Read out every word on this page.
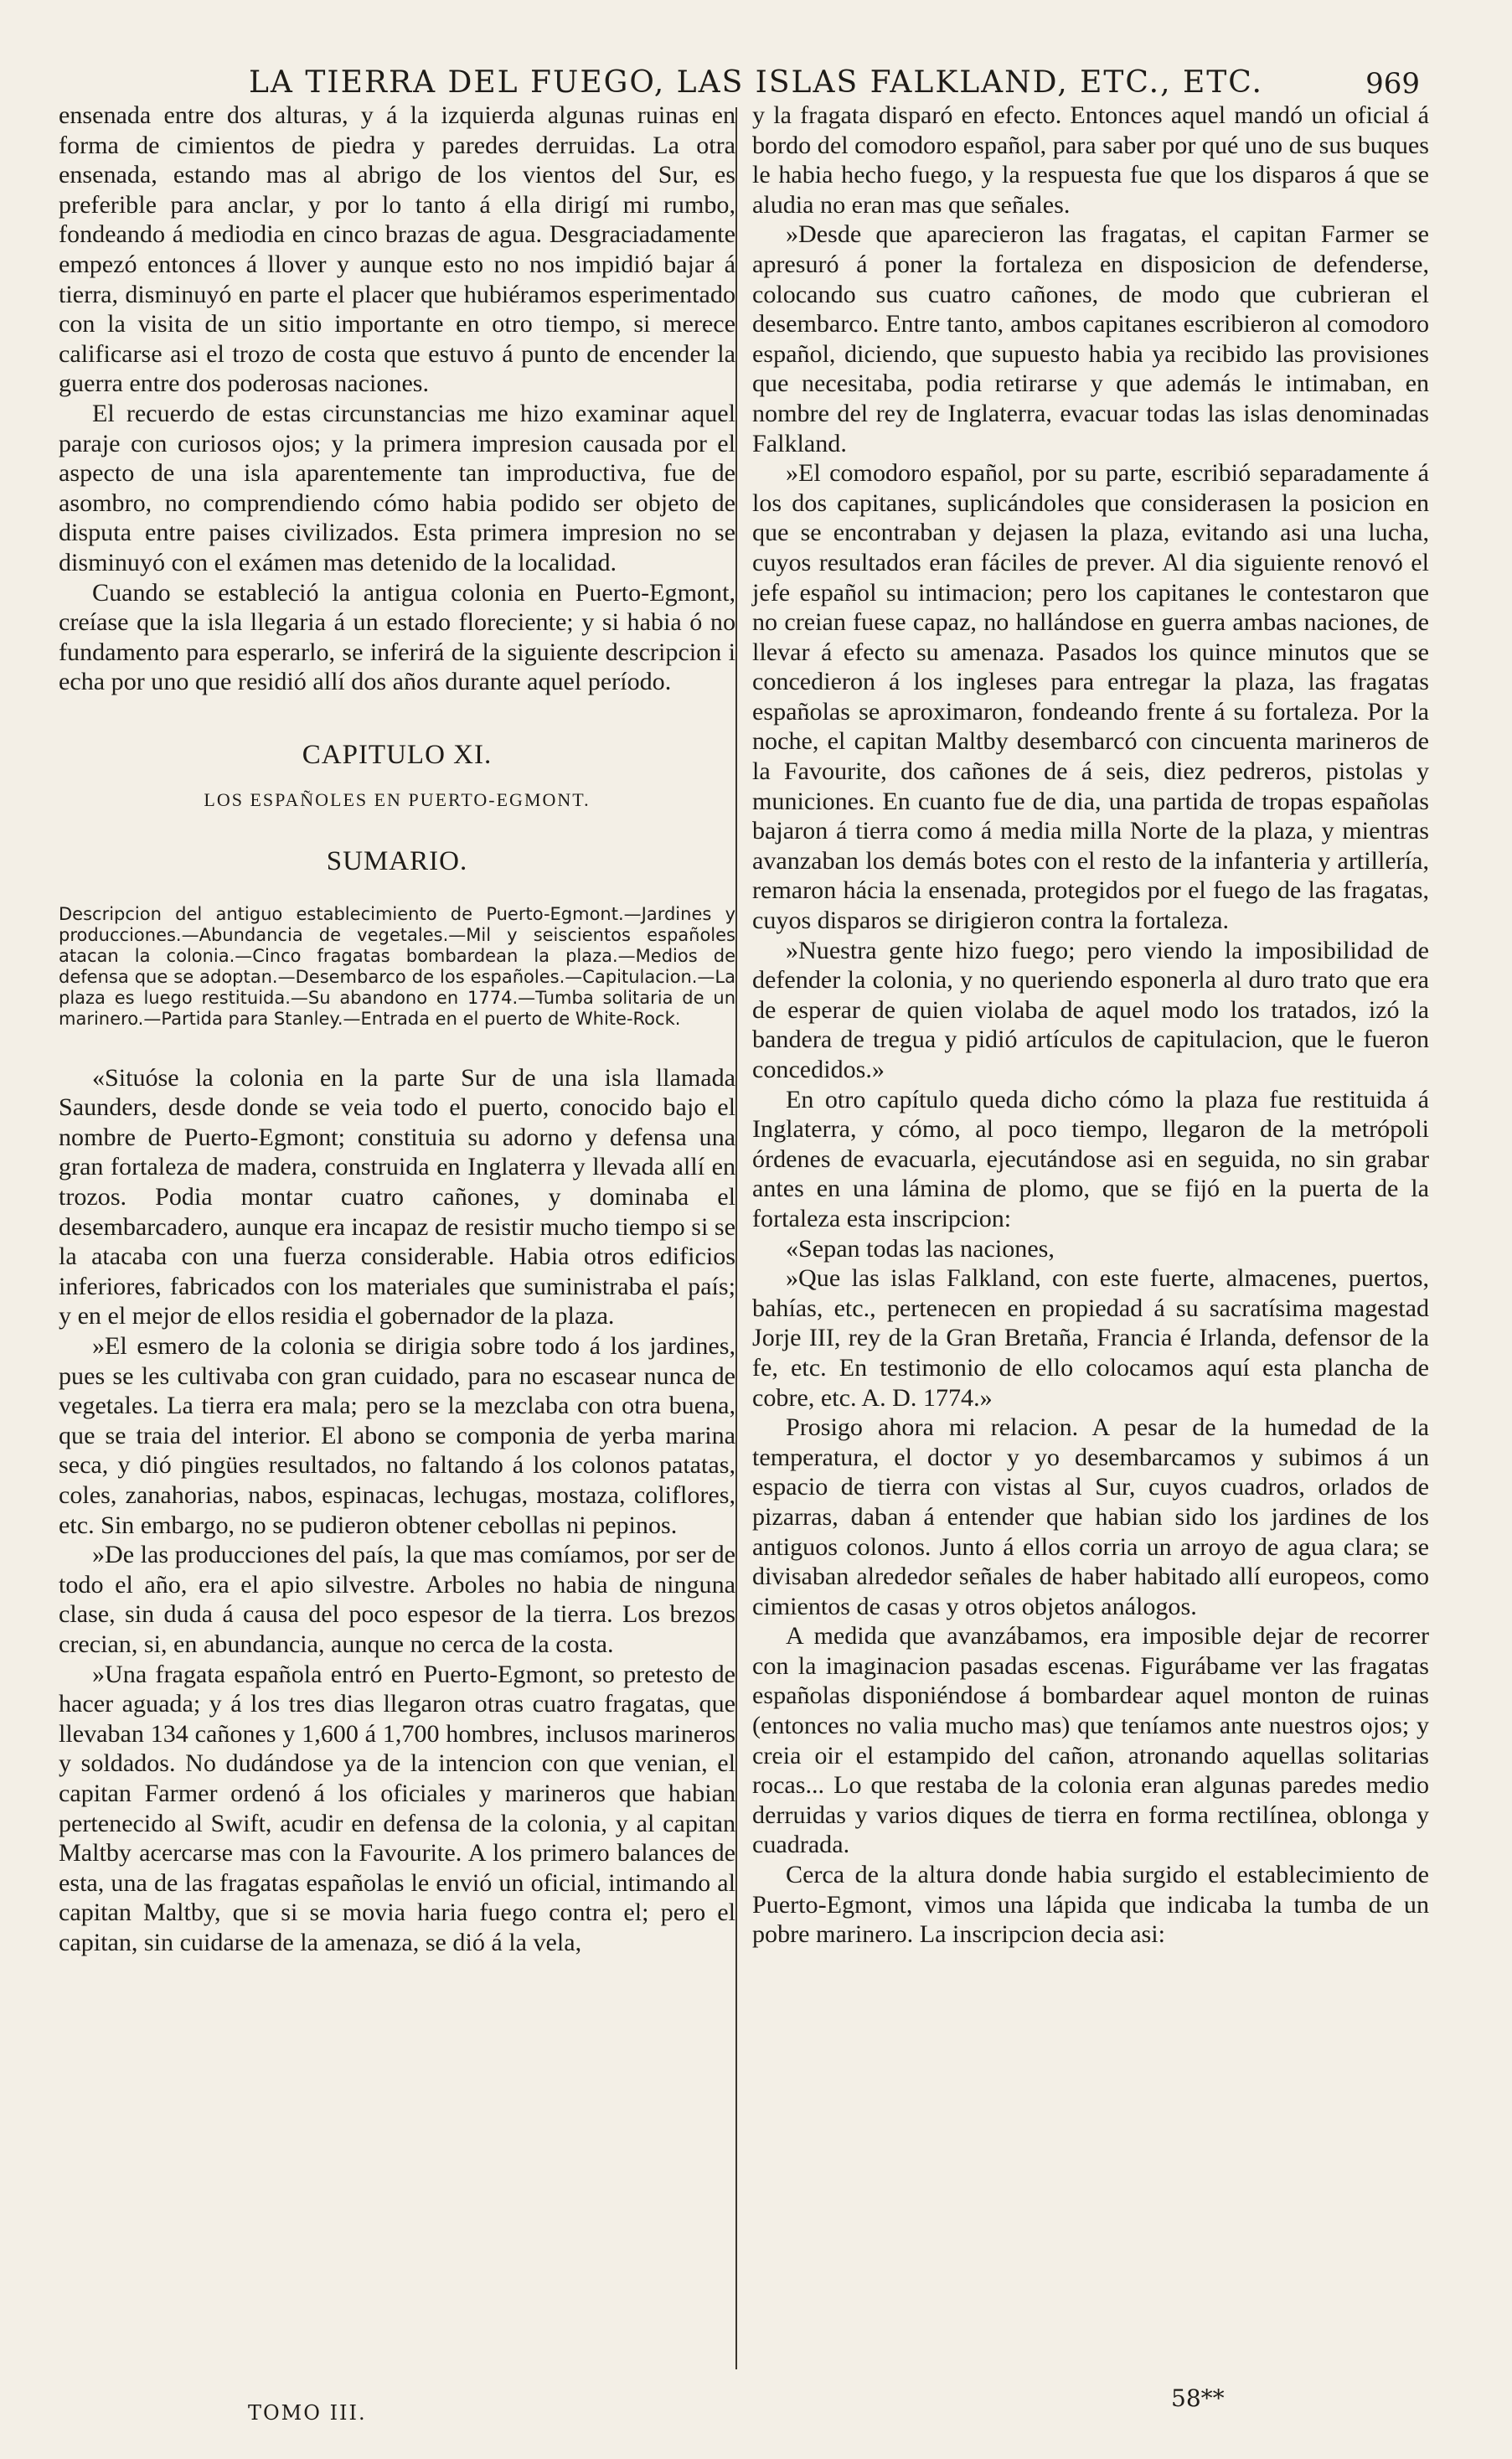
LA TIERRA DEL FUEGO, LAS ISLAS FALKLAND, ETC., ETC.	969

ensenada entre dos alturas, y á la izquierda algunas ruinas en forma de cimientos de piedra y paredes derruidas. La otra ensenada, estando mas al abrigo de los vientos del Sur, es preferible para anclar, y por lo tanto á ella dirigí mi rumbo, fondeando á mediodia en cinco brazas de agua. Desgraciadamente empezó entonces á llover y aunque esto no nos impidió bajar á tierra, disminuyó en parte el placer que hubiéramos esperimentado con la visita de un sitio importante en otro tiempo, si merece calificarse asi el trozo de costa que estuvo á punto de encender la guerra entre dos poderosas naciones.

El recuerdo de estas circunstancias me hizo examinar aquel paraje con curiosos ojos; y la primera impresion causada por el aspecto de una isla aparentemente tan improductiva, fue de asombro, no comprendiendo cómo habia podido ser objeto de disputa entre paises civilizados. Esta primera impresion no se disminuyó con el exámen mas detenido de la localidad.

Cuando se estableció la antigua colonia en Puerto-Egmont, creíase que la isla llegaria á un estado floreciente; y si habia ó no fundamento para esperarlo, se inferirá de la siguiente descripcion i echa por uno que residió allí dos años durante aquel período.

CAPITULO XI.
LOS ESPAÑOLES EN PUERTO-EGMONT.
SUMARIO.
Descripcion del antiguo establecimiento de Puerto-Egmont.—Jardines y producciones.—Abundancia de vegetales.—Mil y seiscientos españoles atacan la colonia.—Cinco fragatas bombardean la plaza.—Medios de defensa que se adoptan.—Desembarco de los españoles.—Capitulacion.—La plaza es luego restituida.—Su abandono en 1774.—Tumba solitaria de un marinero.—Partida para Stanley.—Entrada en el puerto de White-Rock.

«Situóse la colonia en la parte Sur de una isla llamada Saunders, desde donde se veia todo el puerto, conocido bajo el nombre de Puerto-Egmont; constituia su adorno y defensa una gran fortaleza de madera, construida en Inglaterra y llevada allí en trozos. Podia montar cuatro cañones, y dominaba el desembarcadero, aunque era incapaz de resistir mucho tiempo si se la atacaba con una fuerza considerable. Habia otros edificios inferiores, fabricados con los materiales que suministraba el país; y en el mejor de ellos residia el gobernador de la plaza.

»El esmero de la colonia se dirigia sobre todo á los jardines, pues se les cultivaba con gran cuidado, para no escasear nunca de vegetales. La tierra era mala; pero se la mezclaba con otra buena, que se traia del interior. El abono se componia de yerba marina seca, y dió pingües resultados, no faltando á los colonos patatas, coles, zanahorias, nabos, espinacas, lechugas, mostaza, coliflores, etc. Sin embargo, no se pudieron obtener cebollas ni pepinos.

»De las producciones del país, la que mas comíamos, por ser de todo el año, era el apio silvestre. Arboles no habia de ninguna clase, sin duda á causa del poco espesor de la tierra. Los brezos crecian, si, en abundancia, aunque no cerca de la costa.

»Una fragata española entró en Puerto-Egmont, so pretesto de hacer aguada; y á los tres dias llegaron otras cuatro fragatas, que llevaban 134 cañones y 1,600 á 1,700 hombres, inclusos marineros y soldados. No dudándose ya de la intencion con que venian, el capitan Farmer ordenó á los oficiales y marineros que habian pertenecido al Swift, acudir en defensa de la colonia, y al capitan Maltby acercarse mas con la Favourite. A los primero balances de esta, una de las fragatas españolas le envió un oficial, intimando al capitan Maltby, que si se movia haria fuego contra el; pero el capitan, sin cuidarse de la amenaza, se dió á la vela,

y la fragata disparó en efecto. Entonces aquel mandó un oficial á bordo del comodoro español, para saber por qué uno de sus buques le habia hecho fuego, y la respuesta fue que los disparos á que se aludia no eran mas que señales.

»Desde que aparecieron las fragatas, el capitan Farmer se apresuró á poner la fortaleza en disposicion de defenderse, colocando sus cuatro cañones, de modo que cubrieran el desembarco. Entre tanto, ambos capitanes escribieron al comodoro español, diciendo, que supuesto habia ya recibido las provisiones que necesitaba, podia retirarse y que además le intimaban, en nombre del rey de Inglaterra, evacuar todas las islas denominadas Falkland.

»El comodoro español, por su parte, escribió separadamente á los dos capitanes, suplicándoles que considerasen la posicion en que se encontraban y dejasen la plaza, evitando asi una lucha, cuyos resultados eran fáciles de prever. Al dia siguiente renovó el jefe español su intimacion; pero los capitanes le contestaron que no creian fuese capaz, no hallándose en guerra ambas naciones, de llevar á efecto su amenaza. Pasados los quince minutos que se concedieron á los ingleses para entregar la plaza, las fragatas españolas se aproximaron, fondeando frente á su fortaleza. Por la noche, el capitan Maltby desembarcó con cincuenta marineros de la Favourite, dos cañones de á seis, diez pedreros, pistolas y municiones. En cuanto fue de dia, una partida de tropas españolas bajaron á tierra como á media milla Norte de la plaza, y mientras avanzaban los demás botes con el resto de la infanteria y artillería, remaron hácia la ensenada, protegidos por el fuego de las fragatas, cuyos disparos se dirigieron contra la fortaleza.

»Nuestra gente hizo fuego; pero viendo la imposibilidad de defender la colonia, y no queriendo esponerla al duro trato que era de esperar de quien violaba de aquel modo los tratados, izó la bandera de tregua y pidió artículos de capitulacion, que le fueron concedidos.»

En otro capítulo queda dicho cómo la plaza fue restituida á Inglaterra, y cómo, al poco tiempo, llegaron de la metrópoli órdenes de evacuarla, ejecutándose asi en seguida, no sin grabar antes en una lámina de plomo, que se fijó en la puerta de la fortaleza esta inscripcion:

«Sepan todas las naciones,

»Que las islas Falkland, con este fuerte, almacenes, puertos, bahías, etc., pertenecen en propiedad á su sacratísima magestad Jorje III, rey de la Gran Bretaña, Francia é Irlanda, defensor de la fe, etc. En testimonio de ello colocamos aquí esta plancha de cobre, etc. A. D. 1774.»

Prosigo ahora mi relacion. A pesar de la humedad de la temperatura, el doctor y yo desembarcamos y subimos á un espacio de tierra con vistas al Sur, cuyos cuadros, orlados de pizarras, daban á entender que habian sido los jardines de los antiguos colonos. Junto á ellos corria un arroyo de agua clara; se divisaban alrededor señales de haber habitado allí europeos, como cimientos de casas y otros objetos análogos.

A medida que avanzábamos, era imposible dejar de recorrer con la imaginacion pasadas escenas. Figurábame ver las fragatas españolas disponiéndose á bombardear aquel monton de ruinas (entonces no valia mucho mas) que teníamos ante nuestros ojos; y creia oir el estampido del cañon, atronando aquellas solitarias rocas... Lo que restaba de la colonia eran algunas paredes medio derruidas y varios diques de tierra en forma rectilínea, oblonga y cuadrada.

Cerca de la altura donde habia surgido el establecimiento de Puerto-Egmont, vimos una lápida que indicaba la tumba de un pobre marinero. La inscripcion decia asi:

TOMO III.
58**
